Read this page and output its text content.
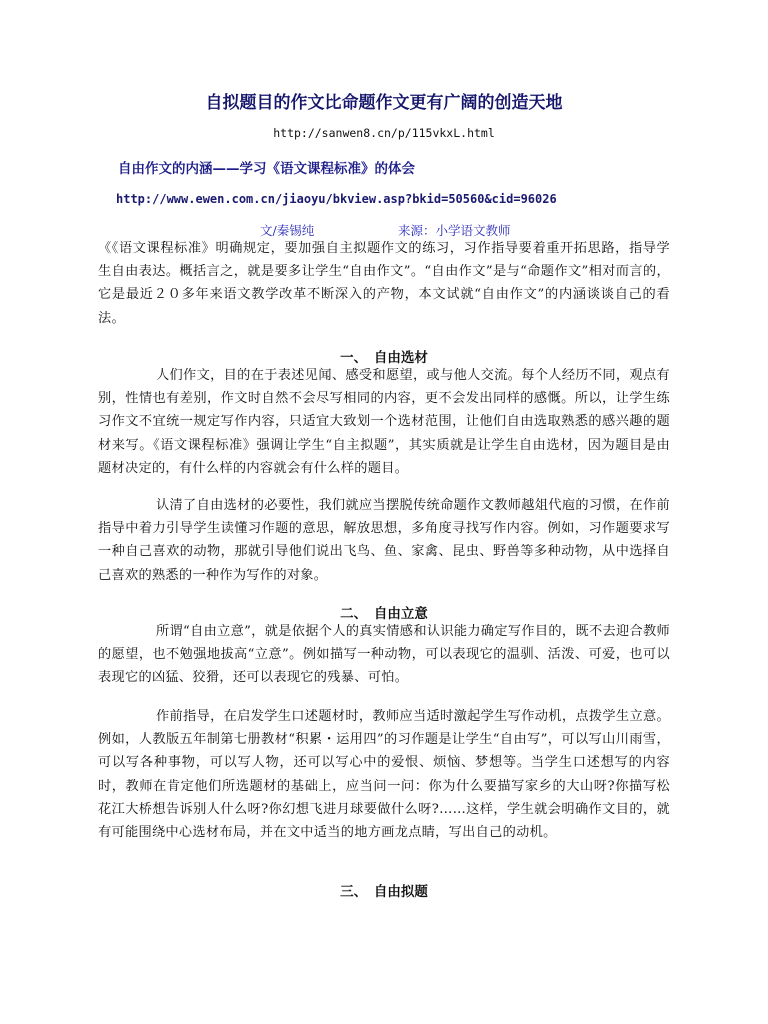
自拟题目的作文比命题作文更有广阔的创造天地
http://sanwen8.cn/p/115vkxL.html
自由作文的内涵——学习《语文课程标准》的体会
http://www.ewen.com.cn/jiaoyu/bkview.asp?bkid=50560&cid=96026
文/秦锡纯	来源：小学语文教师

《《语文课程标准》明确规定，要加强自主拟题作文的练习，习作指导要着重开拓思路，指导学生自由表达。概括言之，就是要多让学生“自由作文”。“自由作文”是与“命题作文”相对而言的，它是最近２０多年来语文教学改革不断深入的产物，本文试就“自由作文”的内涵谈谈自己的看法。

一、　自由选材

人们作文，目的在于表述见闻、感受和愿望，或与他人交流。每个人经历不同，观点有别，性情也有差别，作文时自然不会尽写相同的内容，更不会发出同样的感慨。所以，让学生练习作文不宜统一规定写作内容，只适宜大致划一个选材范围，让他们自由选取熟悉的感兴趣的题材来写。《语文课程标准》强调让学生“自主拟题”，其实质就是让学生自由选材，因为题目是由题材决定的，有什么样的内容就会有什么样的题目。

认清了自由选材的必要性，我们就应当摆脱传统命题作文教师越俎代庖的习惯，在作前指导中着力引导学生读懂习作题的意思，解放思想，多角度寻找写作内容。例如，习作题要求写一种自己喜欢的动物，那就引导他们说出飞鸟、鱼、家禽、昆虫、野兽等多种动物，从中选择自己喜欢的熟悉的一种作为写作的对象。

二、　自由立意

所谓“自由立意”，就是依据个人的真实情感和认识能力确定写作目的，既不去迎合教师的愿望，也不勉强地拔高“立意”。例如描写一种动物，可以表现它的温驯、活泼、可爱，也可以表现它的凶猛、狡猾，还可以表现它的残暴、可怕。

作前指导，在启发学生口述题材时，教师应当适时激起学生写作动机，点拨学生立意。例如，人教版五年制第七册教材“积累・运用四”的习作题是让学生“自由写”，可以写山川雨雪，可以写各种事物，可以写人物，还可以写心中的爱恨、烦恼、梦想等。当学生口述想写的内容时，教师在肯定他们所选题材的基础上，应当问一问：你为什么要描写家乡的大山呀?你描写松花江大桥想告诉别人什么呀?你幻想飞进月球要做什么呀?……这样，学生就会明确作文目的，就有可能围绕中心选材布局，并在文中适当的地方画龙点睛，写出自己的动机。

三、　自由拟题
